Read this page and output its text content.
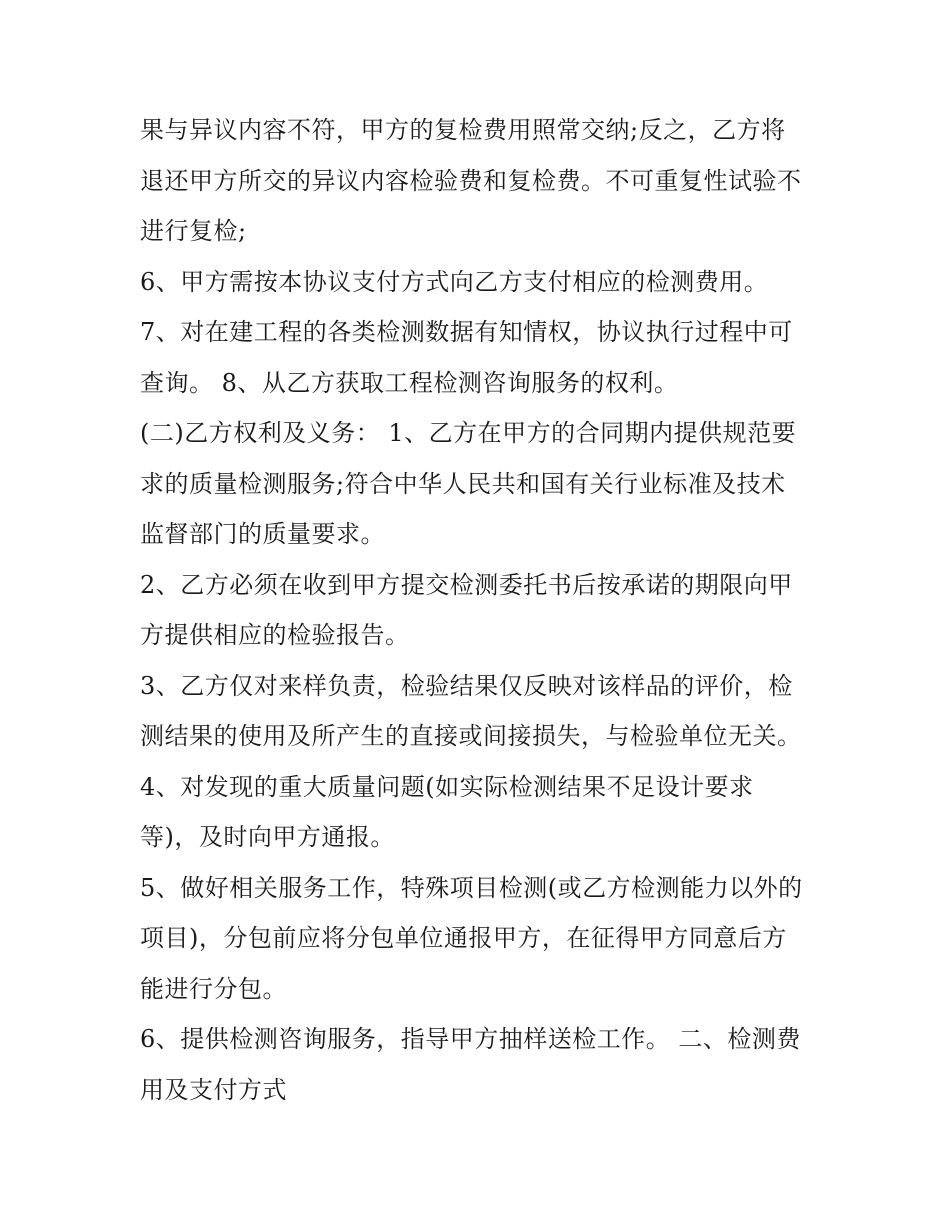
果与异议内容不符，甲方的复检费用照常交纳;反之，乙方将
退还甲方所交的异议内容检验费和复检费。不可重复性试验不
进行复检;
6、甲方需按本协议支付方式向乙方支付相应的检测费用。
7、对在建工程的各类检测数据有知情权，协议执行过程中可
查询。 8、从乙方获取工程检测咨询服务的权利。
(二)乙方权利及义务： 1、乙方在甲方的合同期内提供规范要
求的质量检测服务;符合中华人民共和国有关行业标准及技术
监督部门的质量要求。
2、乙方必须在收到甲方提交检测委托书后按承诺的期限向甲
方提供相应的检验报告。
3、乙方仅对来样负责，检验结果仅反映对该样品的评价，检
测结果的使用及所产生的直接或间接损失，与检验单位无关。
4、对发现的重大质量问题(如实际检测结果不足设计要求
等)，及时向甲方通报。
5、做好相关服务工作，特殊项目检测(或乙方检测能力以外的
项目)，分包前应将分包单位通报甲方，在征得甲方同意后方
能进行分包。
6、提供检测咨询服务，指导甲方抽样送检工作。 二、检测费
用及支付方式
